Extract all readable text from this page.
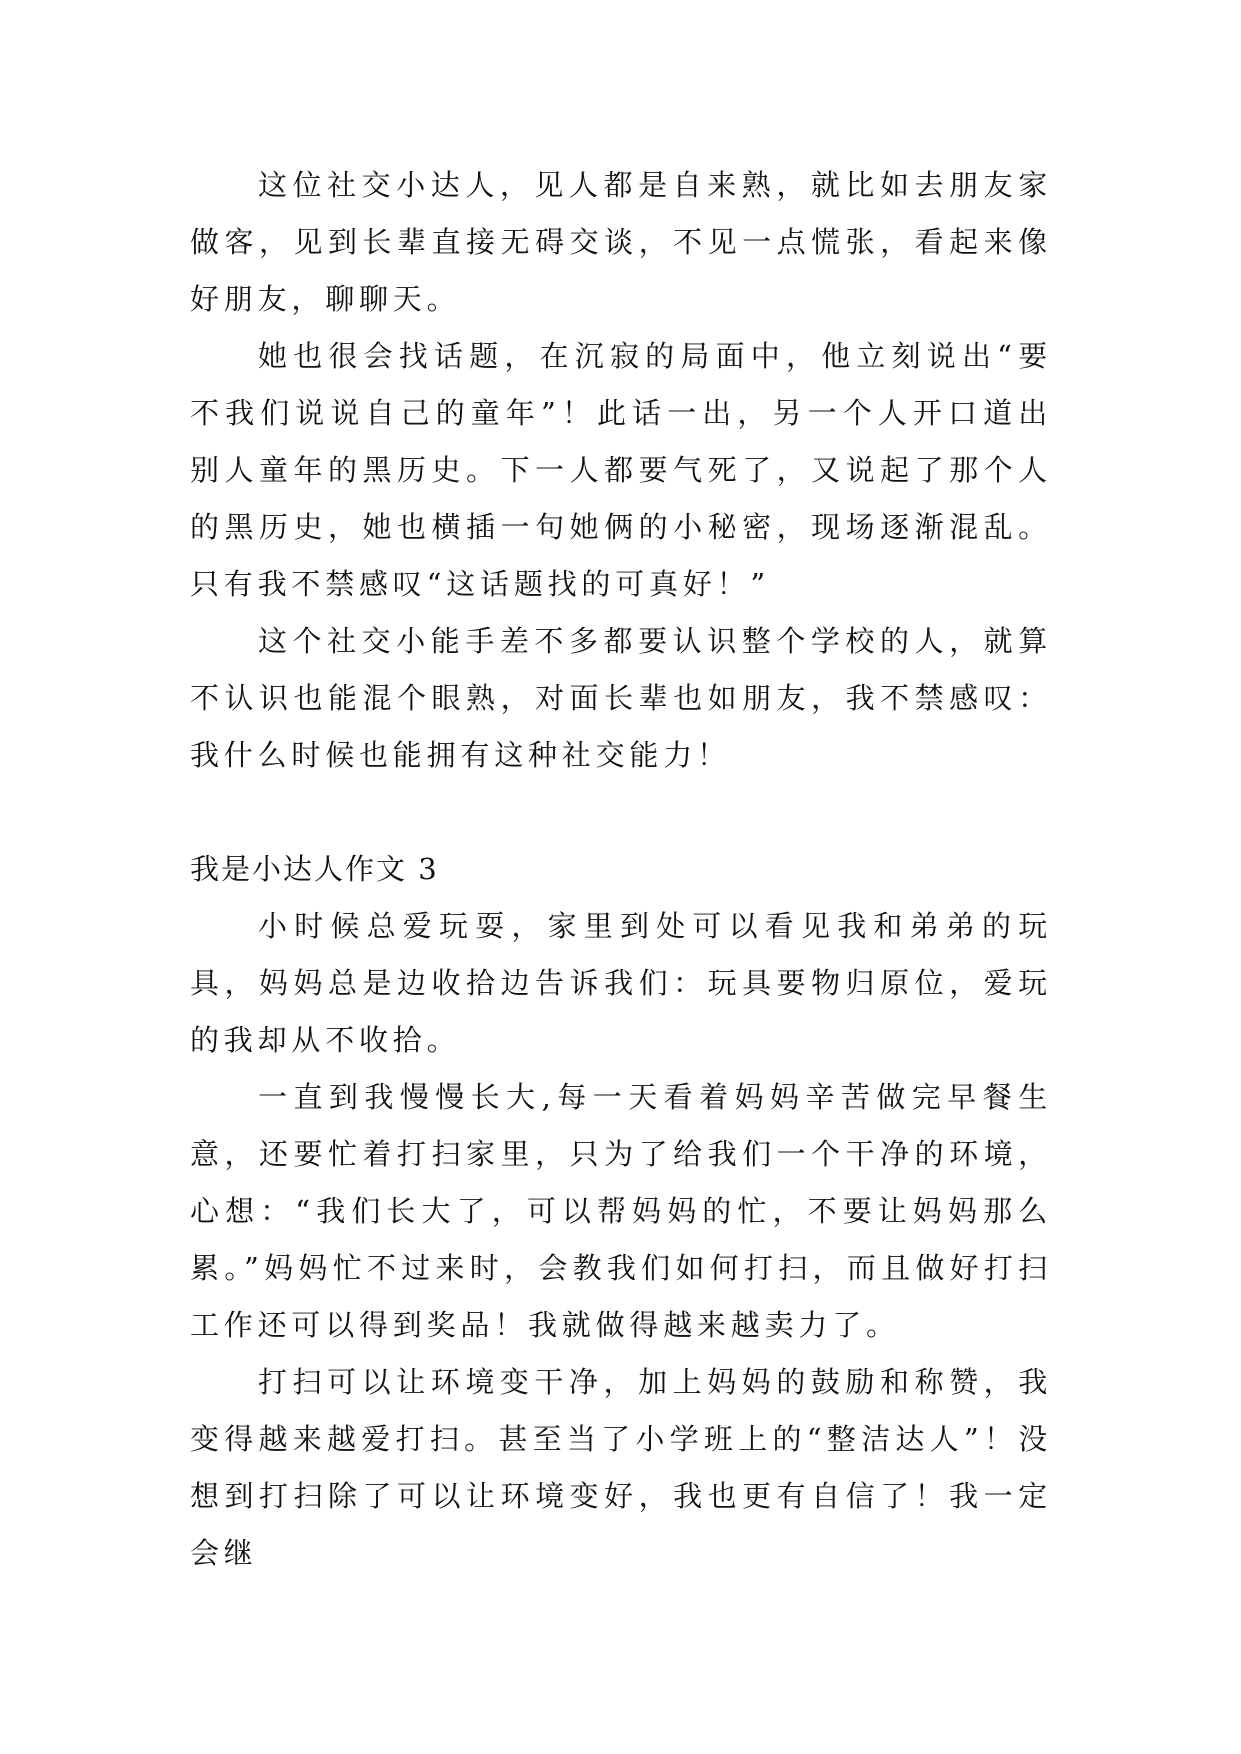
这位社交小达人，见人都是自来熟，就比如去朋友家做客，见到长辈直接无碍交谈，不见一点慌张，看起来像好朋友，聊聊天。

她也很会找话题，在沉寂的局面中，他立刻说出“要不我们说说自己的童年”！此话一出，另一个人开口道出别人童年的黑历史。下一人都要气死了，又说起了那个人的黑历史，她也横插一句她俩的小秘密，现场逐渐混乱。只有我不禁感叹“这话题找的可真好！”

这个社交小能手差不多都要认识整个学校的人，就算不认识也能混个眼熟，对面长辈也如朋友，我不禁感叹：我什么时候也能拥有这种社交能力！

我是小达人作文 3

小时候总爱玩耍，家里到处可以看见我和弟弟的玩具，妈妈总是边收拾边告诉我们：玩具要物归原位，爱玩的我却从不收拾。

一直到我慢慢长大,每一天看着妈妈辛苦做完早餐生意，还要忙着打扫家里，只为了给我们一个干净的环境，心想：“我们长大了，可以帮妈妈的忙，不要让妈妈那么累。”妈妈忙不过来时，会教我们如何打扫，而且做好打扫工作还可以得到奖品！我就做得越来越卖力了。

打扫可以让环境变干净，加上妈妈的鼓励和称赞，我变得越来越爱打扫。甚至当了小学班上的“整洁达人”！没想到打扫除了可以让环境变好，我也更有自信了！我一定会继
